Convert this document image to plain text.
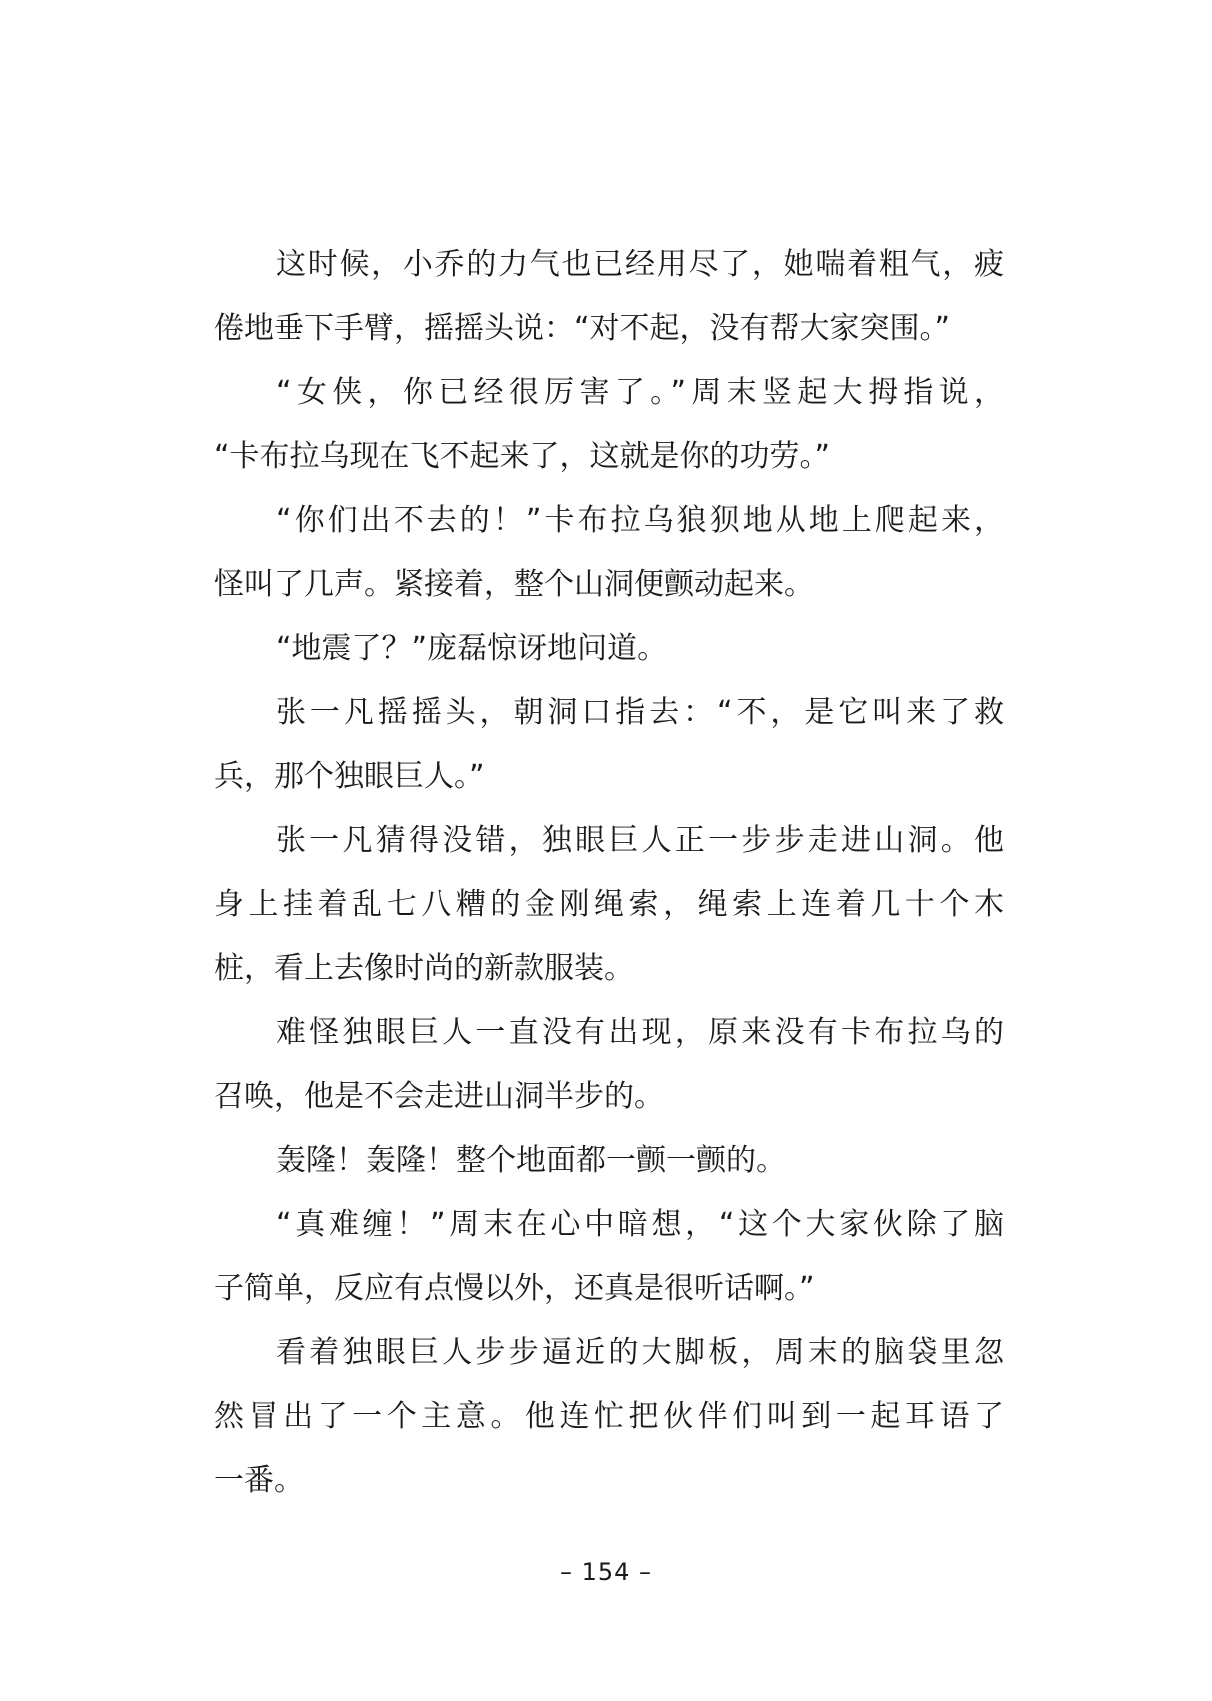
这时候，小乔的力气也已经用尽了，她喘着粗气，疲
倦地垂下手臂，摇摇头说：“对不起，没有帮大家突围。”
“女侠，你已经很厉害了。”周末竖起大拇指说，
“卡布拉乌现在飞不起来了，这就是你的功劳。”
“你们出不去的！”卡布拉乌狼狈地从地上爬起来，
怪叫了几声。紧接着，整个山洞便颤动起来。
“地震了？”庞磊惊讶地问道。
张一凡摇摇头，朝洞口指去：“不，是它叫来了救
兵，那个独眼巨人。”
张一凡猜得没错，独眼巨人正一步步走进山洞。他
身上挂着乱七八糟的金刚绳索，绳索上连着几十个木
桩，看上去像时尚的新款服装。
难怪独眼巨人一直没有出现，原来没有卡布拉乌的
召唤，他是不会走进山洞半步的。
轰隆！轰隆！整个地面都一颤一颤的。
“真难缠！”周末在心中暗想，“这个大家伙除了脑
子简单，反应有点慢以外，还真是很听话啊。”
看着独眼巨人步步逼近的大脚板，周末的脑袋里忽
然冒出了一个主意。他连忙把伙伴们叫到一起耳语了
一番。
– 154 –
